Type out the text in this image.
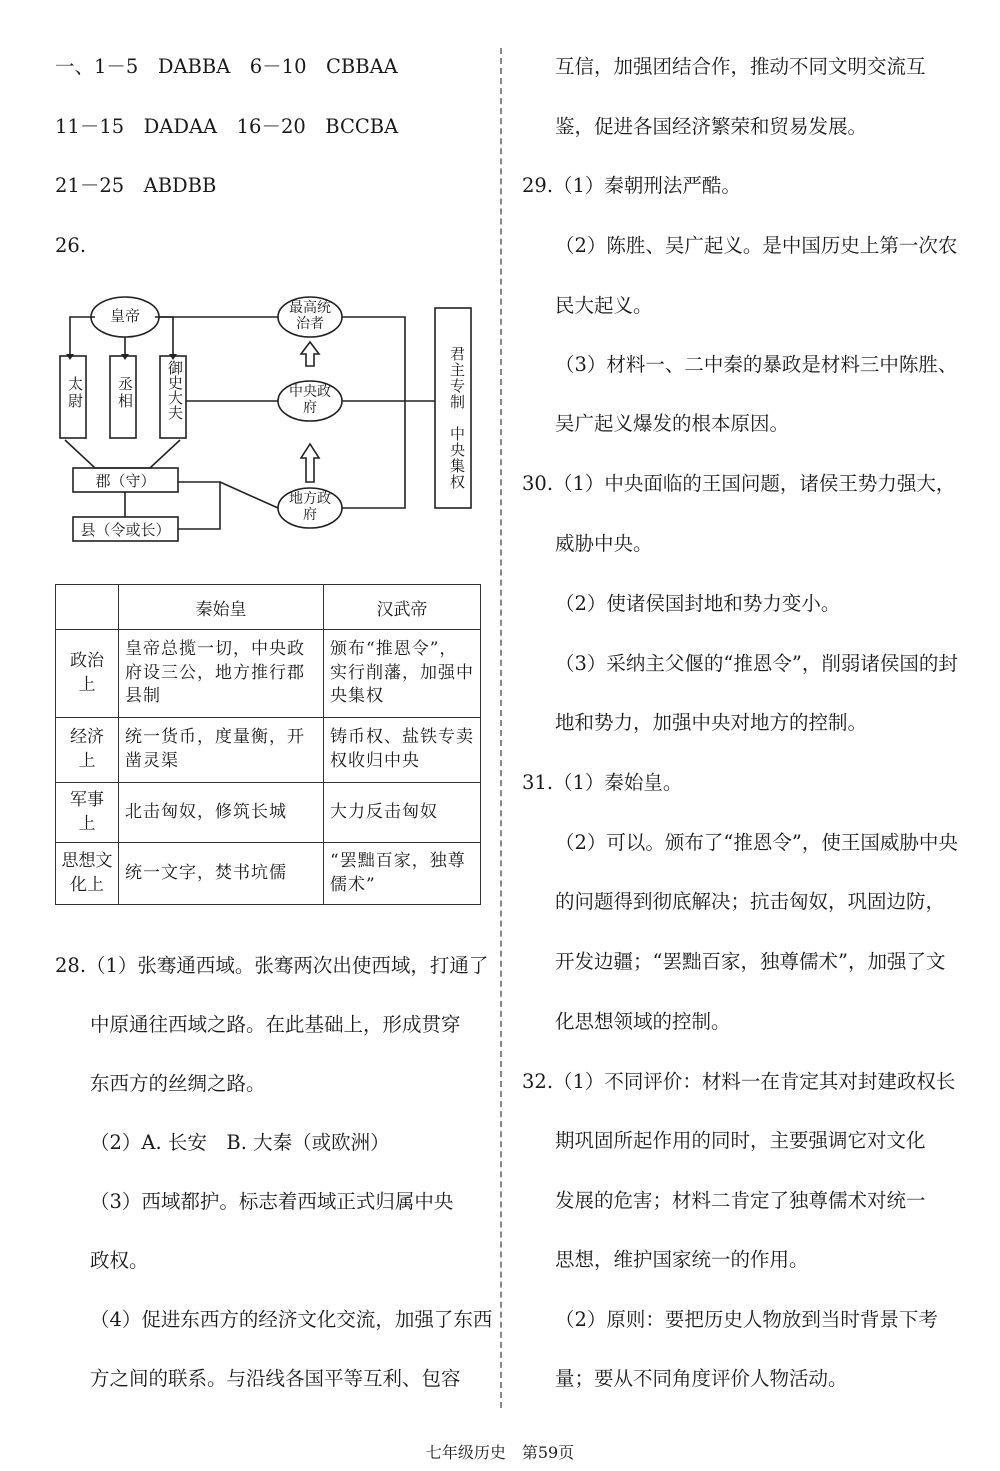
一、1－5　DABBA　6－10　CBBAA
11－15　DADAA　16－20　BCCBA
21－25　ABDBB
26.
皇帝
太尉 丞相 御史大夫
郡（守）
县（令或长）
最高统治者
中央政府
地方政府
君主专制　中央集权
	秦始皇	汉武帝

政治上	皇帝总揽一切，中央政府设三公，地方推行郡县制	颁布“推恩令”，实行削藩，加强中央集权

经济上	统一货币，度量衡，开凿灵渠	铸币权、盐铁专卖权收归中央

军事上	北击匈奴，修筑长城	大力反击匈奴

思想文化上	统一文字，焚书坑儒	“罢黜百家，独尊儒术”
28.（1）张骞通西域。张骞两次出使西域，打通了
中原通往西域之路。在此基础上，形成贯穿
东西方的丝绸之路。
（2）A. 长安　B. 大秦（或欧洲）
（3）西域都护。标志着西域正式归属中央
政权。
（4）促进东西方的经济文化交流，加强了东西
方之间的联系。与沿线各国平等互利、包容
互信，加强团结合作，推动不同文明交流互
鉴，促进各国经济繁荣和贸易发展。
29.（1）秦朝刑法严酷。
（2）陈胜、吴广起义。是中国历史上第一次农
民大起义。
（3）材料一、二中秦的暴政是材料三中陈胜、
吴广起义爆发的根本原因。
30.（1）中央面临的王国问题，诸侯王势力强大，
威胁中央。
（2）使诸侯国封地和势力变小。
（3）采纳主父偃的“推恩令”，削弱诸侯国的封
地和势力，加强中央对地方的控制。
31.（1）秦始皇。
（2）可以。颁布了“推恩令”，使王国威胁中央
的问题得到彻底解决；抗击匈奴，巩固边防，
开发边疆；“罢黜百家，独尊儒术”，加强了文
化思想领域的控制。
32.（1）不同评价：材料一在肯定其对封建政权长
期巩固所起作用的同时，主要强调它对文化
发展的危害；材料二肯定了独尊儒术对统一
思想，维护国家统一的作用。
（2）原则：要把历史人物放到当时背景下考
量；要从不同角度评价人物活动。
七年级历史　第59页
